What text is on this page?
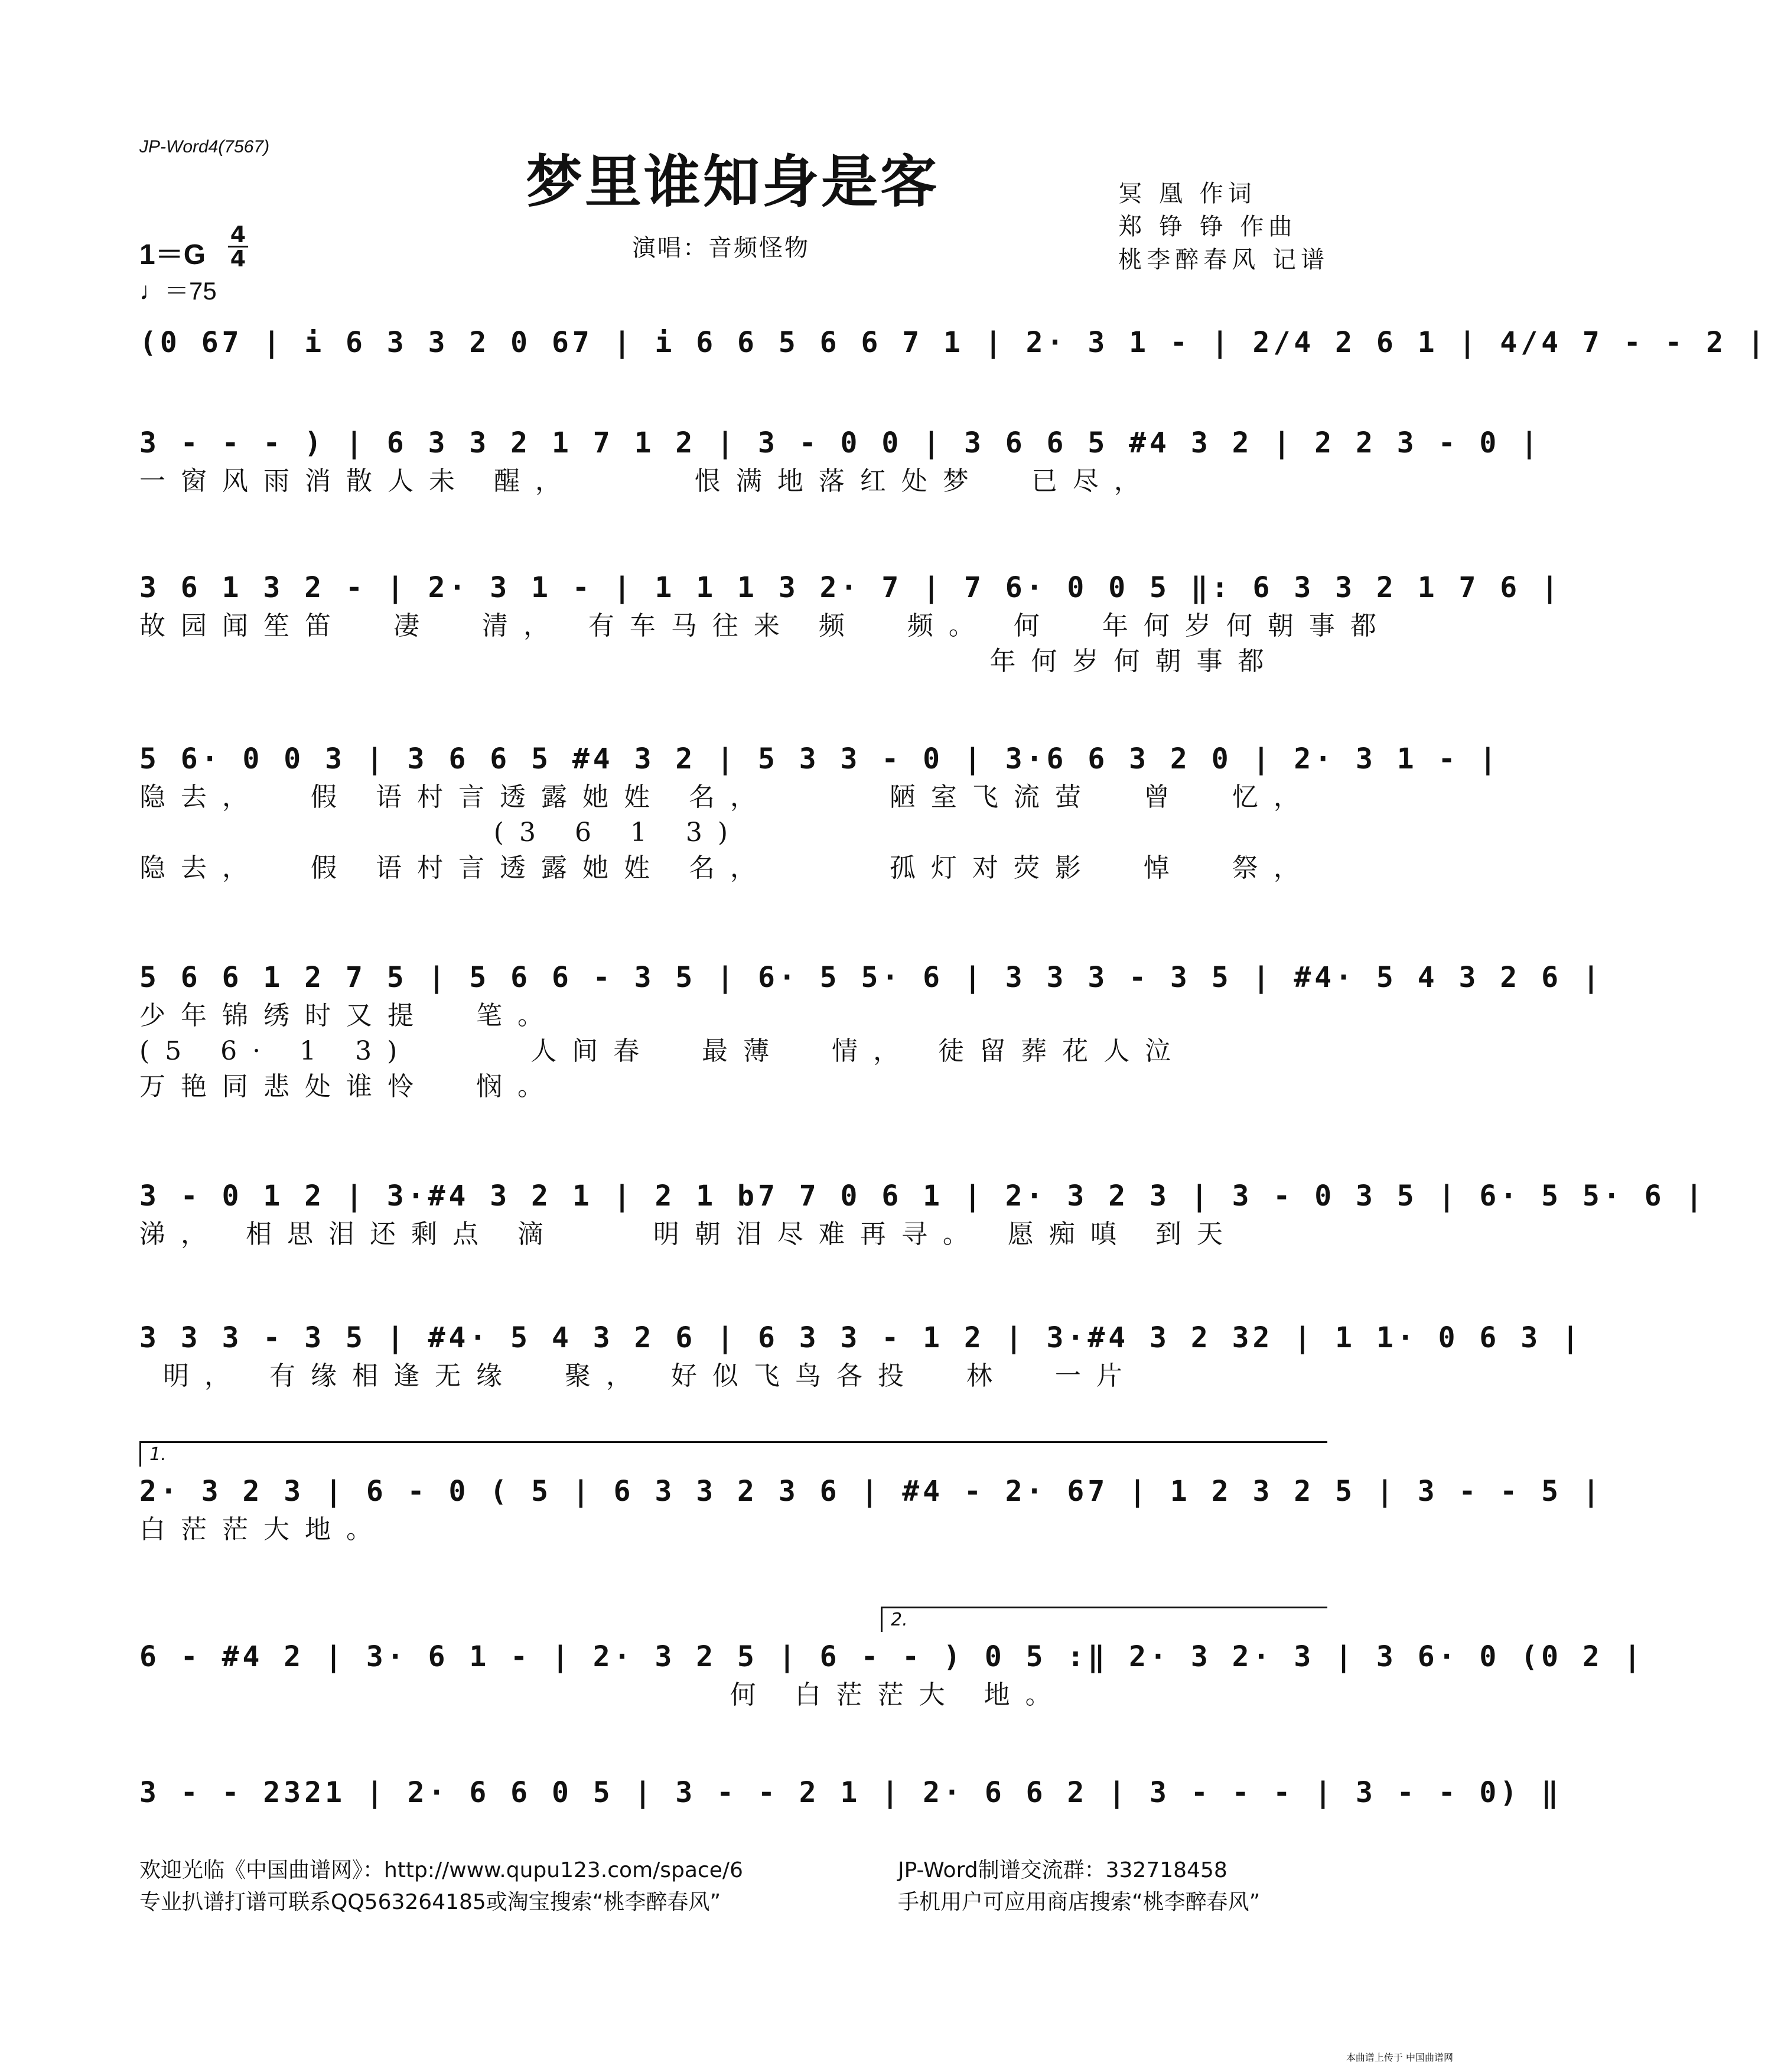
JP-Word4(7567)
梦里谁知身是客	冥 凰 作词
郑 铮 铮 作曲
桃李醉春风 记谱
1＝G
4
4
♩＝75
演唱：音频怪物
(0 67 | i 6 3 3 2 0 67 | i 6 6 5 6 6 7 1 | 2· 3 1 - | 2/4 2 6 1 | 4/4 7 - - 2 |
3 - - - ) | 6 3 3 2 1 7 1 2 | 3 - 0 0 | 3 6 6 5 #4 3 2 | 2 2 3 - 0 |
一窗风雨消散人未 醒，     恨满地落红处梦  已尽，
3 6 1 3 2 - | 2· 3 1 - | 1 1 1 3 2· 7 | 7 6· 0 0 5 ‖: 6 3 3 2 1 7 6 |
故园闻笙笛  凄  清， 有车马往来 频  频。 何  年何岁何朝事都
年何岁何朝事都
5 6· 0 0 3 | 3 6 6 5 #4 3 2 | 5 3 3 - 0 | 3·6 6 3 2 0 | 2· 3 1 - |
隐去，  假 语村言透露她姓 名，     陋室飞流萤  曾  忆，
(3 6 1 3)
隐去，  假 语村言透露她姓 名，     孤灯对荧影  悼  祭，
5 6 6 1 2 7 5 | 5 6 6 - 3 5 | 6· 5 5· 6 | 3 3 3 - 3 5 | #4· 5 4 3 2 6 |
少年锦绣时又提  笔。
(5 6· 1 3)     人间春  最薄  情， 徒留葬花人泣
万艳同悲处谁怜  悯。
3 - 0 1 2 | 3·#4 3 2 1 | 2 1 b7 7 0 6 1 | 2· 3 2 3 | 3 - 0 3 5 | 6· 5 5· 6 |
涕， 相思泪还剩点 滴    明朝泪尽难再寻。 愿痴嗔 到天
3 3 3 - 3 5 | #4· 5 4 3 2 6 | 6 3 3 - 1 2 | 3·#4 3 2 32 | 1 1· 0 6 3 |
明， 有缘相逢无缘  聚， 好似飞鸟各投  林  一片
1.
2· 3 2 3 | 6 - 0 ( 5 | 6 3 3 2 3 6 | #4 - 2· 67 | 1 2 3 2 5 | 3 - - 5 |
白茫茫大地。
2.
6 - #4 2 | 3· 6 1 - | 2· 3 2 5 | 6 - - ) 0 5 :‖ 2· 3 2· 3 | 3 6· 0 (0 2 |
何 白茫茫大 地。
3 - - 2321 | 2· 6 6 0 5 | 3 - - 2 1 | 2· 6 6 2 | 3 - - - | 3 - - 0) ‖
欢迎光临《中国曲谱网》：http://www.qupu123.com/space/6
专业扒谱打谱可联系QQ563264185或淘宝搜索“桃李醉春风”
JP-Word制谱交流群：332718458
手机用户可应用商店搜索“桃李醉春风”
本曲谱上传于 中国曲谱网
